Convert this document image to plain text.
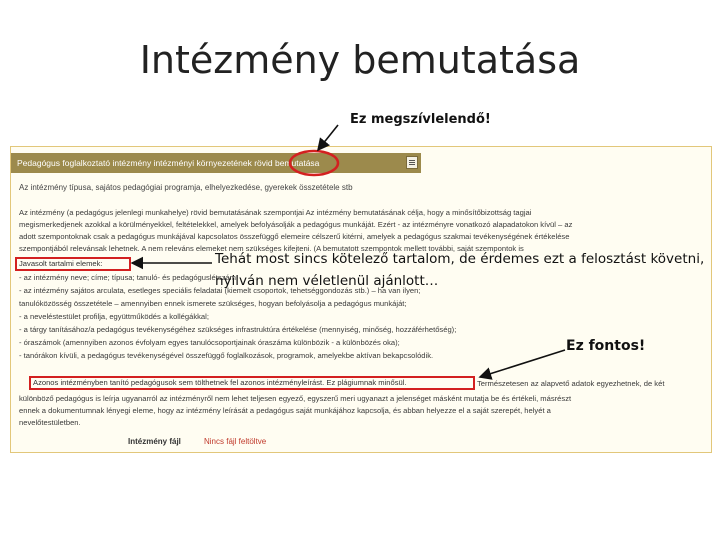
Intézmény bemutatása
Ez megszívlelendő!
Pedagógus foglalkoztató intézmény intézményi környezetének rövid bemutatása
Az intézmény típusa, sajátos pedagógiai programja, elhelyezkedése, gyerekek összetétele stb
Az intézmény (a pedagógus jelenlegi munkahelye) rövid bemutatásának szempontjai Az intézmény bemutatásának célja, hogy a minősítőbizottság tagjai
megismerkedjenek azokkal a körülményekkel, feltételekkel, amelyek befolyásolják a pedagógus munkáját. Ezért - az intézményre vonatkozó alapadatokon kívül – az
adott szempontoknak csak a pedagógus munkájával kapcsolatos összefüggő elemeire célszerű kitérni, amelyek a pedagógus szakmai tevékenységének értékelése
szempontjából relevánsak lehetnek. A nem releváns elemeket nem szükséges kifejteni. (A bemutatott szempontok mellett további, saját szempontok is
Javasolt tartalmi elemek:
- az intézmény neve; címe; típusa; tanuló- és pedagóguslétszám;
- az intézmény sajátos arculata, esetleges speciális feladatai (kiemelt csoportok, tehetséggondozás stb.) – ha van ilyen;
tanulóközösség összetétele – amennyiben ennek ismerete szükséges, hogyan befolyásolja a pedagógus munkáját;
- a neveléstestület profilja, együttműködés a kollégákkal;
- a tárgy tanításához/a pedagógus tevékenységéhez szükséges infrastruktúra értékelése (mennyiség, minőség, hozzáférhetőség);
- óraszámok (amennyiben azonos évfolyam egyes tanulócsoportjainak óraszáma különbözik - a különbözés oka);
- tanórákon kívüli, a pedagógus tevékenységével összefüggő foglalkozások, programok, amelyekbe aktívan bekapcsolódik.
Azonos intézményben tanító pedagógusok sem tölthetnek fel azonos intézményleírást. Ez plágiumnak minősül.	Természetesen az alapvető adatok egyezhetnek, de két
különböző pedagógus is leírja ugyanarról az intézményről nem lehet teljesen egyező, egyszerű meri ugyanazt a jelenséget másként mutatja be és értékeli, másrészt
ennek a dokumentumnak lényegi eleme, hogy az intézmény leírását a pedagógus saját munkájához kapcsolja, és abban helyezze el a saját szerepét, helyét a
nevelőtestületben.
Intézmény fájl	Nincs fájl feltöltve
Tehát most sincs kötelező tartalom, de érdemes ezt a felosztást követni, nyilván nem véletlenül ajánlott…
Ez fontos!
